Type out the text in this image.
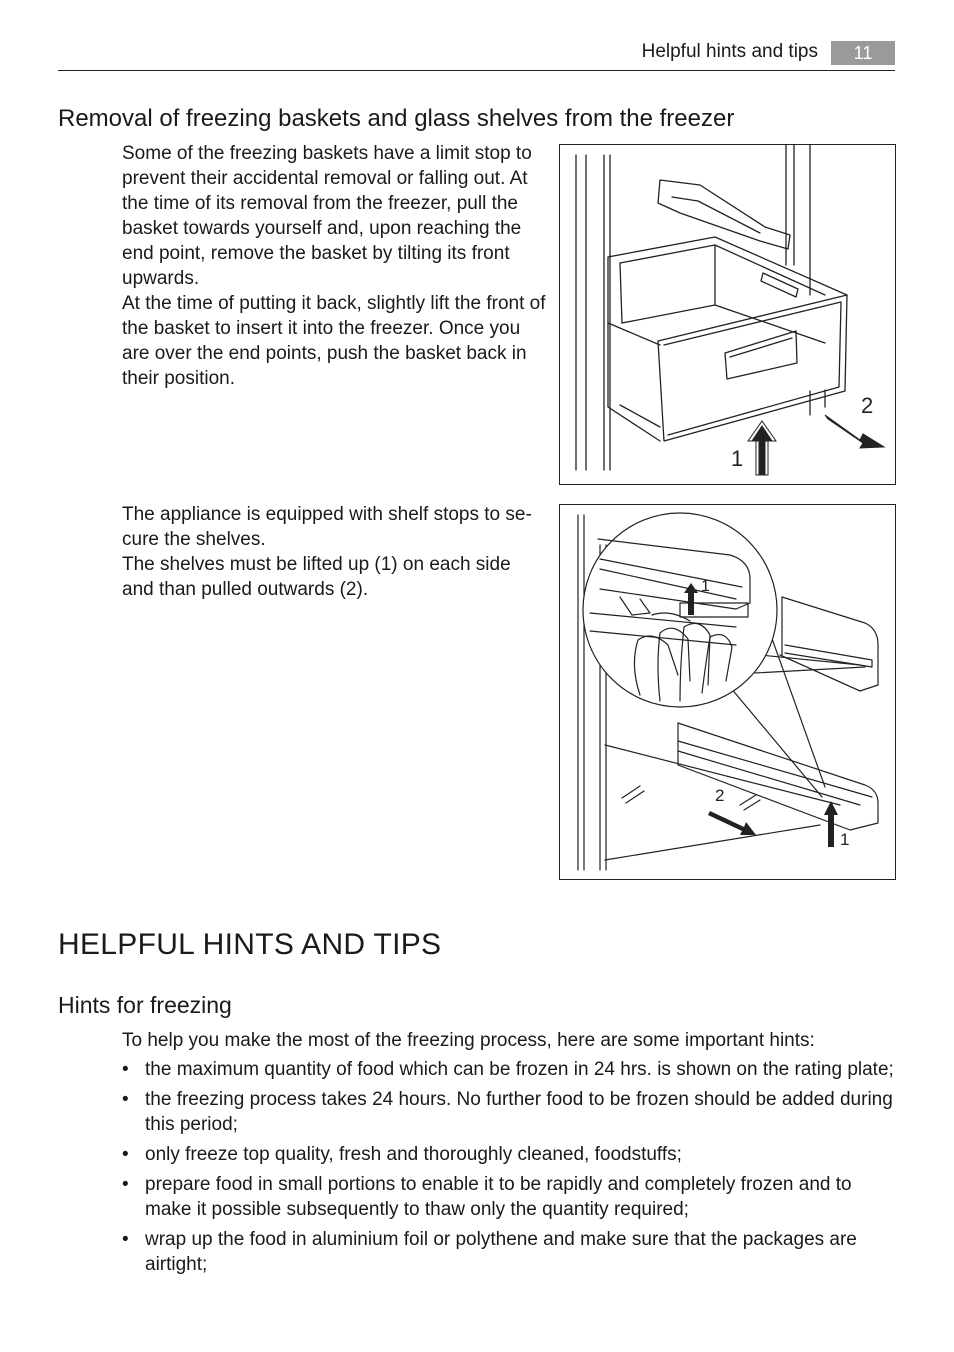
Helpful hints and tips	11
Removal of freezing baskets and glass shelves from the freezer

Some of the freezing baskets have a limit stop to prevent their accidental removal or falling out. At the time of its removal from the freezer, pull the basket towards yourself and, upon reaching the end point, remove the basket by tilting its front upwards.

At the time of putting it back, slightly lift the front of the basket to insert it into the freezer. Once you are over the end points, push the basket back in their position.

1
2

The appliance is equipped with shelf stops to se-cure the shelves.

The shelves must be lifted up (1) on each side and than pulled outwards (2).	1
2
1
HELPFUL HINTS AND TIPS
Hints for freezing
To help you make the most of the freezing process, here are some important hints:
• the maximum quantity of food which can be frozen in 24 hrs. is shown on the rating plate;
• the freezing process takes 24 hours. No further food to be frozen should be added during this period;
• only freeze top quality, fresh and thoroughly cleaned, foodstuffs;
• prepare food in small portions to enable it to be rapidly and completely frozen and to make it possible subsequently to thaw only the quantity required;
• wrap up the food in aluminium foil or polythene and make sure that the packages are airtight;
